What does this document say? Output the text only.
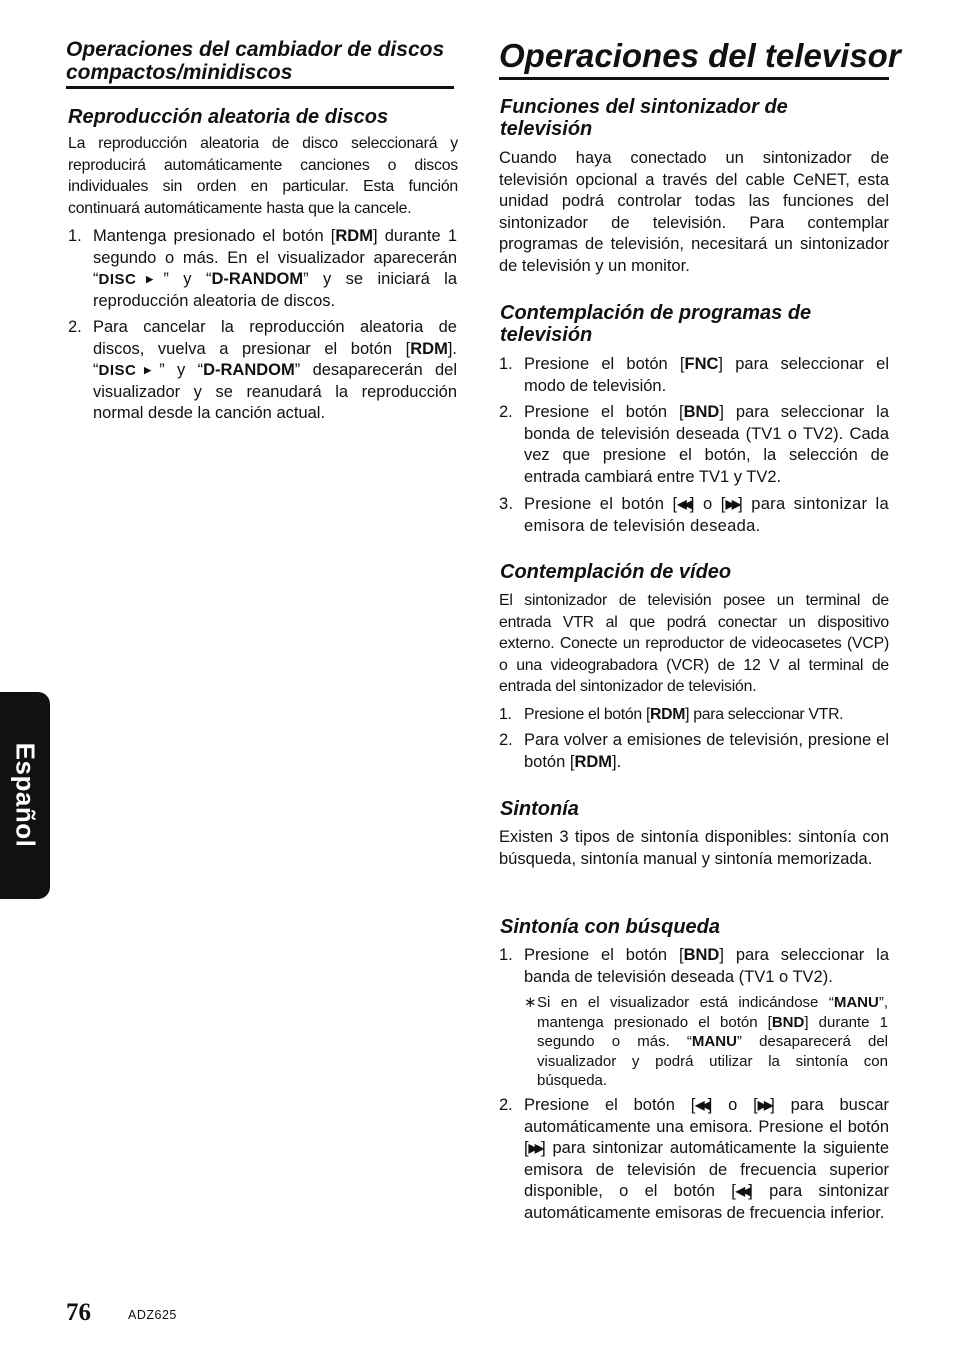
Operaciones del cambiador de discos compactos/minidiscos
Reproducción aleatoria de discos

La reproducción aleatoria de disco seleccionará y reproducirá automáticamente canciones o discos individuales sin orden en particular. Esta función continuará automáticamente hasta que la cancele.

1. Mantenga presionado el botón [RDM] durante 1 segundo o más. En el visualizador aparecerán “DISC▶” y “D-RANDOM” y se iniciará la reproducción aleatoria de discos.
2. Para cancelar la reproducción aleatoria de discos, vuelva a presionar el botón [RDM]. “DISC▶” y “D-RANDOM” desaparecerán del visualizador y se reanudará la reproducción normal desde la canción actual.
Operaciones del televisor
Funciones del sintonizador de televisión

Cuando haya conectado un sintonizador de televisión opcional a través del cable CeNET, esta unidad podrá controlar todas las funciones del sintonizador de televisión. Para contemplar programas de televisión, necesitará un sintonizador de televisión y un monitor.

Contemplación de programas de televisión
1. Presione el botón [FNC] para seleccionar el modo de televisión.
2. Presione el botón [BND] para seleccionar la bonda de televisión deseada (TV1 o TV2). Cada vez que presione el botón, la selección de entrada cambiará entre TV1 y TV2.
3. Presione el botón [◀◀] o [▶▶] para sintonizar la emisora de televisión deseada.
Contemplación de vídeo

El sintonizador de televisión posee un terminal de entrada VTR al que podrá conectar un dispositivo externo. Conecte un reproductor de videocasetes (VCP) o una videograbadora (VCR) de 12 V al terminal de entrada del sintonizador de televisión.

1. Presione el botón [RDM] para seleccionar VTR.
2. Para volver a emisiones de televisión, presione el botón [RDM].
Sintonía

Existen 3 tipos de sintonía disponibles: sintonía con búsqueda, sintonía manual y sintonía memorizada.

Sintonía con búsqueda
1. Presione el botón [BND] para seleccionar la banda de televisión deseada (TV1 o TV2).
∗ Si en el visualizador está indicándose “MANU”, mantenga presionado el botón [BND] durante 1 segundo o más. “MANU” desaparecerá del visualizador y podrá utilizar la sintonía con búsqueda.
2. Presione el botón [◀◀] o [▶▶] para buscar automáticamente una emisora. Presione el botón [▶▶] para sintonizar automáticamente la siguiente emisora de televisión de frecuencia superior disponible, o el botón [◀◀] para sintonizar automáticamente emisoras de frecuencia inferior.
Español
76	ADZ625
